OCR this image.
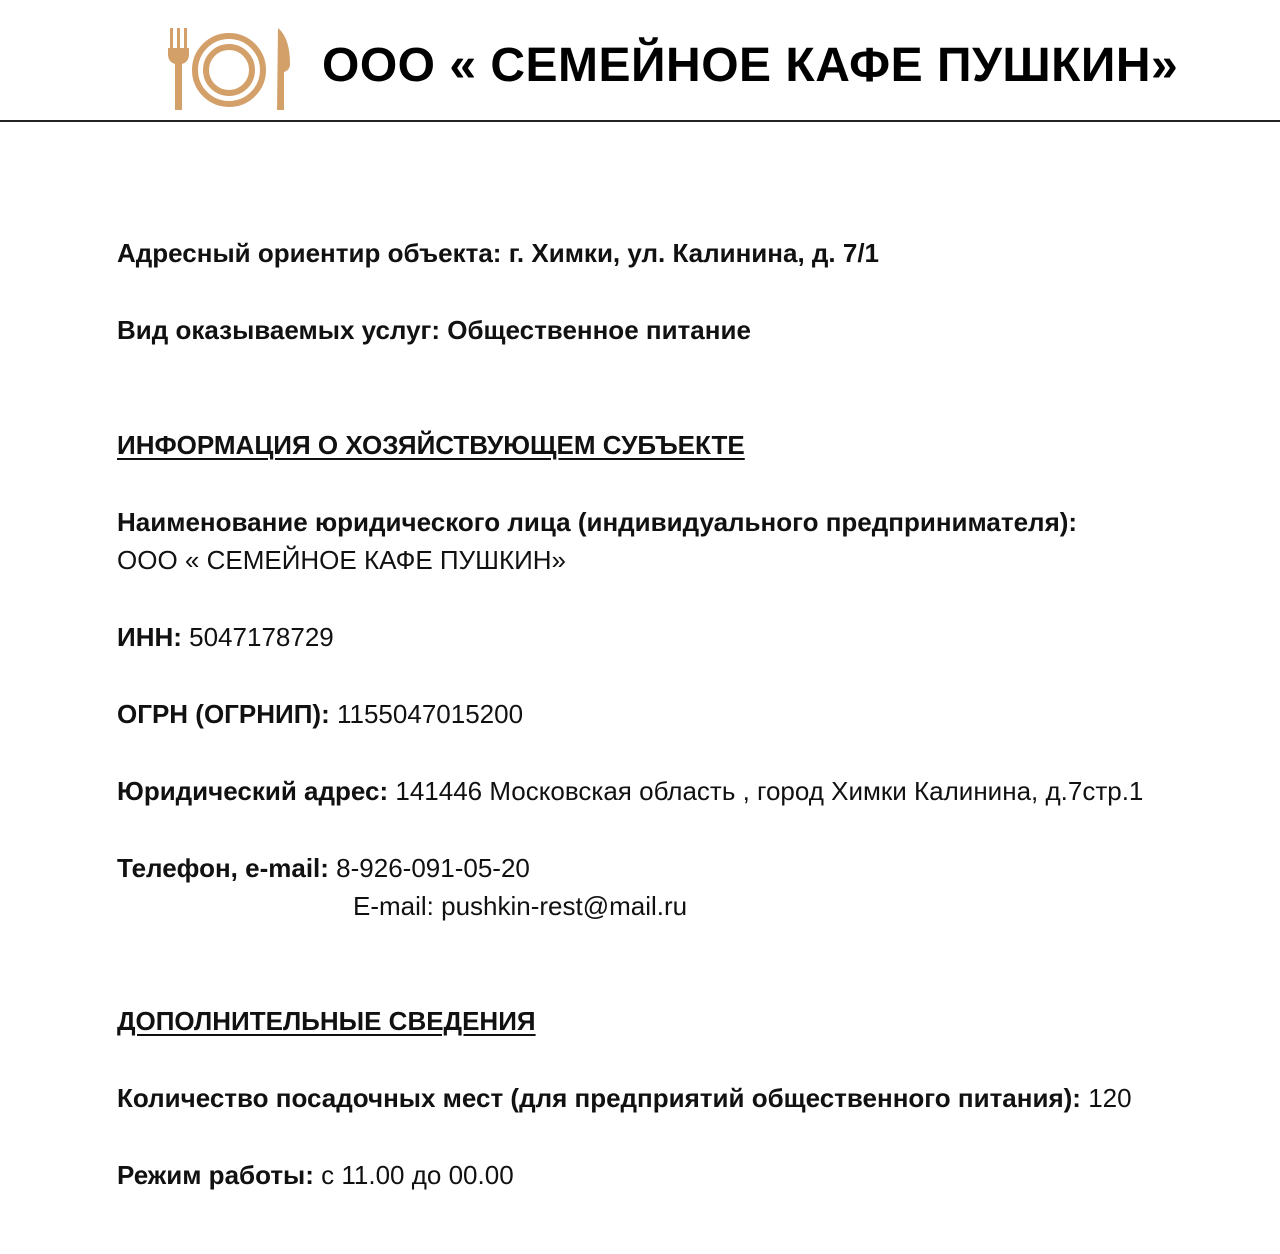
ООО « СЕМЕЙНОЕ КАФЕ ПУШКИН»
Адресный ориентир объекта: г. Химки, ул. Калинина, д. 7/1
Вид оказываемых услуг: Общественное питание
ИНФОРМАЦИЯ О ХОЗЯЙСТВУЮЩЕМ СУБЪЕКТЕ
Наименование юридического лица (индивидуального предпринимателя):
ООО « СЕМЕЙНОЕ КАФЕ ПУШКИН»
ИНН: 5047178729
ОГРН (ОГРНИП): 1155047015200
Юридический адрес: 141446 Московская область , город Химки Калинина, д.7стр.1
Телефон, e-mail: 8-926-091-05-20
E-mail: pushkin-rest@mail.ru
ДОПОЛНИТЕЛЬНЫЕ СВЕДЕНИЯ
Количество посадочных мест (для предприятий общественного питания): 120
Режим работы: с 11.00 до 00.00
